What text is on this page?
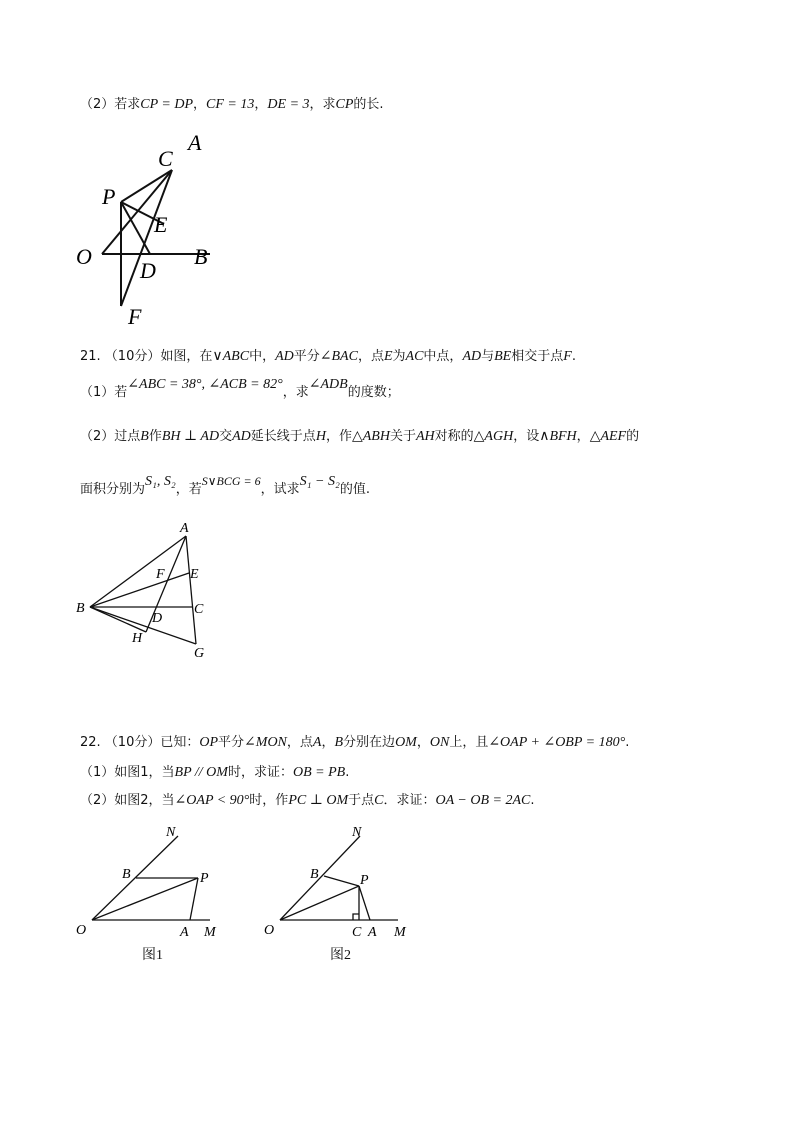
（2）若求CP = DP，CF = 13，DE = 3，求CP的长.
A
C
P
E
O
D
B
F
21. （10分）如图，在∨ABC中，AD平分∠BAC，点E为AC中点，AD与BE相交于点F.
（1）若∠ABC = 38°, ∠ACB = 82°，求∠ADB的度数；
（2）过点B作BH ⊥ AD交AD延长线于点H，作△ABH关于AH对称的△AGH，设∧BFH，△AEF的
面积分别为S₁, S₂，若S∨BCG = 6，试求S₁ − S₂的值.
A
F E
B
D
C
H
G
22. （10分）已知：OP平分∠MON，点A，B分别在边OM，ON上，且∠OAP + ∠OBP = 180°.
（1）如图1，当BP // OM时，求证：OB = PB.
（2）如图2，当∠OAP < 90°时，作PC ⊥ OM于点C．求证：OA − OB = 2AC.
N
B	P
O	A M
图1
N
B	P
O	C A M
图2
